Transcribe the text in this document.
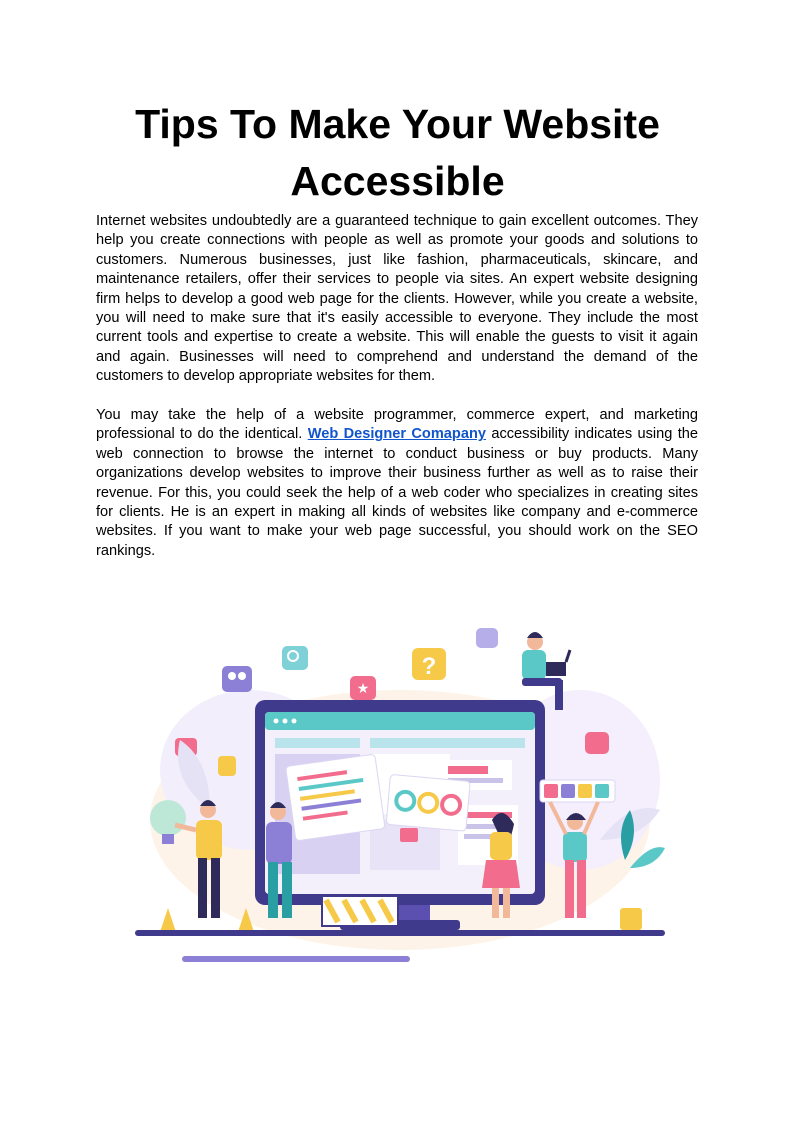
Tips To Make Your Website Accessible

Internet websites undoubtedly are a guaranteed technique to gain excellent outcomes. They help you create connections with people as well as promote your goods and solutions to customers. Numerous businesses, just like fashion, pharmaceuticals, skincare, and maintenance retailers, offer their services to people via sites. An expert website designing firm helps to develop a good web page for the clients. However, while you create a website, you will need to make sure that it's easily accessible to everyone. They include the most current tools and expertise to create a website. This will enable the guests to visit it again and again. Businesses will need to comprehend and understand the demand of the customers to develop appropriate websites for them.

You may take the help of a website programmer, commerce expert, and marketing professional to do the identical. Web Designer Comapany accessibility indicates using the web connection to browse the internet to conduct business or buy products. Many organizations develop websites to improve their business further as well as to raise their revenue. For this, you could seek the help of a web coder who specializes in creating sites for clients. He is an expert in making all kinds of websites like company and e-commerce websites. If you want to make your web page successful, you should work on the SEO rankings.

★
?
